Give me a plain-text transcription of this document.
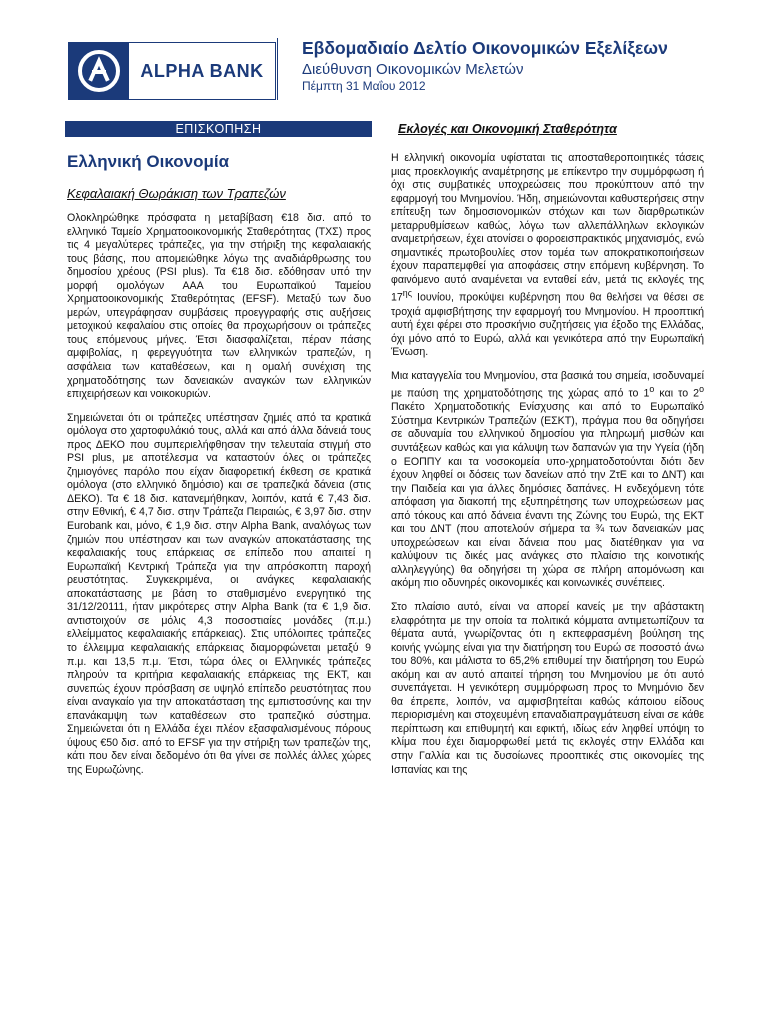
ALPHA BANK
Εβδομαδιαίο Δελτίο Οικονομικών Εξελίξεων
Διεύθυνση Οικονομικών Μελετών
Πέμπτη 31 Μαΐου 2012
ΕΠΙΣΚΟΠΗΣΗ
Ελληνική Οικονομία
Κεφαλαιακή Θωράκιση των Τραπεζών

Ολοκληρώθηκε πρόσφατα η μεταβίβαση €18 δισ. από το ελληνικό Ταμείο Χρηματοοικονομικής Σταθερότητας (ΤΧΣ) προς τις 4 μεγαλύτερες τράπεζες, για την στήριξη της κεφαλαιακής τους βάσης, που απομειώθηκε λόγω της αναδιάρθρωσης του δημοσίου χρέους (PSI plus). Τα €18 δισ. εδόθησαν υπό την μορφή ομολόγων ΑΑΑ του Ευρωπαϊκού Ταμείου Χρηματοοικονομικής Σταθερότητας (EFSF). Μεταξύ των δυο μερών, υπεγράφησαν συμβάσεις προεγγραφής στις αυξήσεις μετοχικού κεφαλαίου στις οποίες θα προχωρήσουν οι τράπεζες τους επόμενους μήνες. Έτσι διασφαλίζεται, πέραν πάσης αμφιβολίας, η φερεγγυότητα των ελληνικών τραπεζών, η ασφάλεια των καταθέσεων, και η ομαλή συνέχιση της χρηματοδότησης των δανειακών αναγκών των ελληνικών επιχειρήσεων και νοικοκυριών.

Σημειώνεται ότι οι τράπεζες υπέστησαν ζημιές από τα κρατικά ομόλογα στο χαρτοφυλάκιό τους, αλλά και από άλλα δάνειά τους προς ΔΕΚΟ που συμπεριελήφθησαν την τελευταία στιγμή στο PSI plus, με αποτέλεσμα να καταστούν όλες οι τράπεζες ζημιογόνες παρόλο που είχαν διαφορετική έκθεση σε κρατικά ομόλογα (στο ελληνικό δημόσιο) και σε τραπεζικά δάνεια (στις ΔΕΚΟ). Τα € 18 δισ. κατανεμήθηκαν, λοιπόν, κατά € 7,43 δισ. στην Εθνική, € 4,7 δισ. στην Τράπεζα Πειραιώς, € 3,97 δισ. στην Eurobank και, μόνο, € 1,9 δισ. στην Alpha Bank, αναλόγως των ζημιών που υπέστησαν και των αναγκών αποκατάστασης της κεφαλαιακής τους επάρκειας σε επίπεδο που απαιτεί η Ευρωπαϊκή Κεντρική Τράπεζα για την απρόσκοπτη παροχή ρευστότητας. Συγκεκριμένα, οι ανάγκες κεφαλαιακής αποκατάστασης με βάση το σταθμισμένο ενεργητικό της 31/12/20111, ήταν μικρότερες στην Alpha Bank (τα € 1,9 δισ. αντιστοιχούν σε μόλις 4,3 ποσοστιαίες μονάδες (π.μ.) ελλείμματος κεφαλαιακής επάρκειας). Στις υπόλοιπες τράπεζες το έλλειμμα κεφαλαιακής επάρκειας διαμορφώνεται μεταξύ 9 π.μ. και 13,5 π.μ. Έτσι, τώρα όλες οι Ελληνικές τράπεζες πληρούν τα κριτήρια κεφαλαιακής επάρκειας της ΕΚΤ, και συνεπώς έχουν πρόσβαση σε υψηλό επίπεδο ρευστότητας που είναι αναγκαίο για την αποκατάσταση της εμπιστοσύνης και την επανάκαμψη των καταθέσεων στο τραπεζικό σύστημα. Σημειώνεται ότι η Ελλάδα έχει πλέον εξασφαλισμένους πόρους ύψους €50 δισ. από το EFSF για την στήριξη των τραπεζών της, κάτι που δεν είναι δεδομένο ότι θα γίνει σε πολλές άλλες χώρες της Ευρωζώνης.

Εκλογές και Οικονομική Σταθερότητα

Η ελληνική οικονομία υφίσταται τις αποσταθεροποιητικές τάσεις μιας προεκλογικής αναμέτρησης με επίκεντρο την συμμόρφωση ή όχι στις συμβατικές υποχρεώσεις που προκύπτουν από την εφαρμογή του Μνημονίου. Ήδη, σημειώνονται καθυστερήσεις στην επίτευξη των δημοσιονομικών στόχων και των διαρθρωτικών μεταρρυθμίσεων καθώς, λόγω των αλλεπάλληλων εκλογικών αναμετρήσεων, έχει ατονίσει ο φοροεισπρακτικός μηχανισμός, ενώ σημαντικές πρωτοβουλίες στον τομέα των αποκρατικοποιήσεων έχουν παραπεμφθεί για αποφάσεις στην επόμενη κυβέρνηση. Το φαινόμενο αυτό αναμένεται να ενταθεί εάν, μετά τις εκλογές της $17^{\eta\varsigma}$ Ιουνίου, προκύψει κυβέρνηση που θα θελήσει να θέσει σε τροχιά αμφισβήτησης την εφαρμογή του Μνημονίου. Η προοπτική αυτή έχει φέρει στο προσκήνιο συζητήσεις για έξοδο της Ελλάδας, όχι μόνο από το Ευρώ, αλλά και γενικότερα από την Ευρωπαϊκή Ένωση.

Μια καταγγελία του Μνημονίου, στα βασικά του σημεία, ισοδυναμεί με παύση της χρηματοδότησης της χώρας από το $1^o$ και το $2^o$ Πακέτο Χρηματοδοτικής Ενίσχυσης και από το Ευρωπαϊκό Σύστημα Κεντρικών Τραπεζών (ΕΣΚΤ), πράγμα που θα οδηγήσει σε αδυναμία του ελληνικού δημοσίου για πληρωμή μισθών και συντάξεων καθώς και για κάλυψη των δαπανών για την Υγεία (ήδη ο ΕΟΠΠΥ και τα νοσοκομεία υπο-χρηματοδοτούνται διότι δεν έχουν ληφθεί οι δόσεις των δανείων από την ΖτΕ και το ΔΝΤ) και την Παιδεία και για άλλες δημόσιες δαπάνες. Η ενδεχόμενη τότε απόφαση για διακοπή της εξυπηρέτησης των υποχρεώσεων μας από τόκους και από δάνεια έναντι της Ζώνης του Ευρώ, της ΕΚΤ και του ΔΝΤ (που αποτελούν σήμερα τα ¾ των δανειακών μας υποχρεώσεων και είναι δάνεια που μας διατέθηκαν για να καλύψουν τις δικές μας ανάγκες στο πλαίσιο της κοινοτικής αλληλεγγύης) θα οδηγήσει τη χώρα σε πλήρη απομόνωση και ακόμη πιο οδυνηρές οικονομικές και κοινωνικές συνέπειες.

Στο πλαίσιο αυτό, είναι να απορεί κανείς με την αβάστακτη ελαφρότητα με την οποία τα πολιτικά κόμματα αντιμετωπίζουν τα θέματα αυτά, γνωρίζοντας ότι η εκπεφρασμένη βούληση της κοινής γνώμης είναι για την διατήρηση του Ευρώ σε ποσοστό άνω του 80%, και μάλιστα το 65,2% επιθυμεί την διατήρηση του Ευρώ ακόμη και αν αυτό απαιτεί τήρηση του Μνημονίου με ότι αυτό συνεπάγεται. Η γενικότερη συμμόρφωση προς το Μνημόνιο δεν θα έπρεπε, λοιπόν, να αμφισβητείται καθώς κάποιου είδους περιορισμένη και στοχευμένη επαναδιαπραγμάτευση είναι σε κάθε περίπτωση και επιθυμητή και εφικτή, ιδίως εάν ληφθεί υπόψη το κλίμα που έχει διαμορφωθεί μετά τις εκλογές στην Ελλάδα και στην Γαλλία και τις δυσοίωνες προοπτικές στις οικονομίες της Ισπανίας και της
